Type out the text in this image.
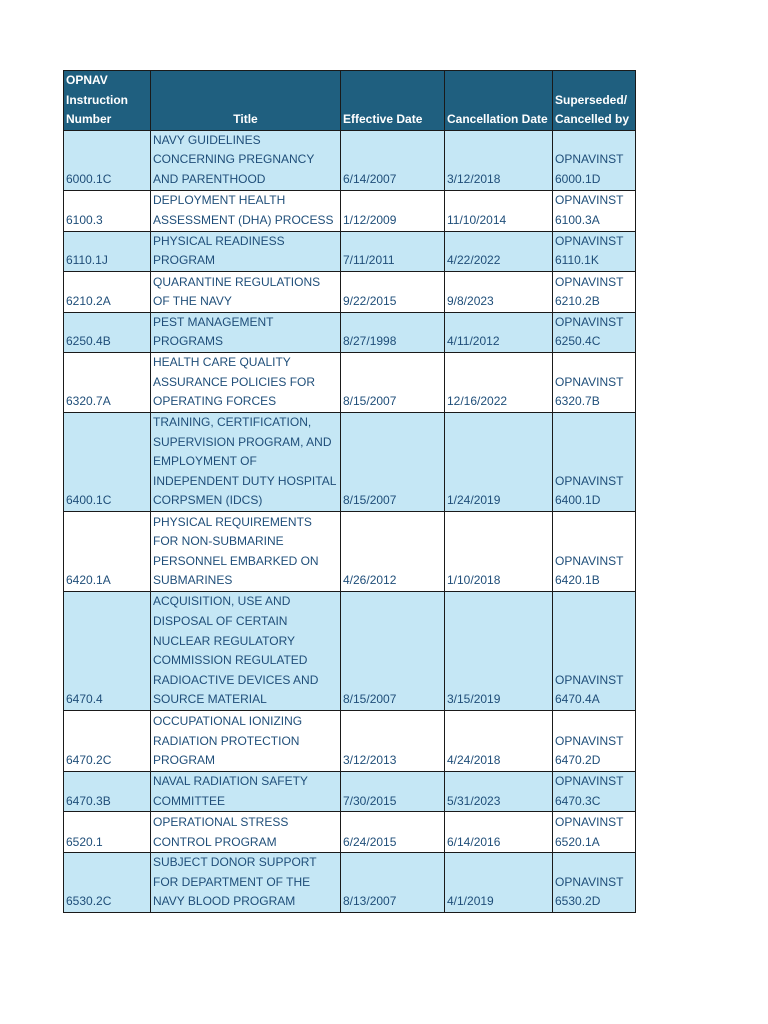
OPNAV
Instruction
Number	Title	Effective Date	Cancellation Date	Superseded/
Cancelled by

6000.1C	NAVY GUIDELINES CONCERNING PREGNANCY AND PARENTHOOD	6/14/2007	3/12/2018	OPNAVINST 6000.1D
6100.3	DEPLOYMENT HEALTH ASSESSMENT (DHA) PROCESS	1/12/2009	11/10/2014	OPNAVINST 6100.3A
6110.1J	PHYSICAL READINESS PROGRAM	7/11/2011	4/22/2022	OPNAVINST 6110.1K
6210.2A	QUARANTINE REGULATIONS OF THE NAVY	9/22/2015	9/8/2023	OPNAVINST 6210.2B
6250.4B	PEST MANAGEMENT PROGRAMS	8/27/1998	4/11/2012	OPNAVINST 6250.4C
6320.7A	HEALTH CARE QUALITY ASSURANCE POLICIES FOR OPERATING FORCES	8/15/2007	12/16/2022	OPNAVINST 6320.7B
6400.1C	TRAINING, CERTIFICATION, SUPERVISION PROGRAM, AND EMPLOYMENT OF INDEPENDENT DUTY HOSPITAL CORPSMEN (IDCS)	8/15/2007	1/24/2019	OPNAVINST 6400.1D
6420.1A	PHYSICAL REQUIREMENTS FOR NON-SUBMARINE PERSONNEL EMBARKED ON SUBMARINES	4/26/2012	1/10/2018	OPNAVINST 6420.1B
6470.4	ACQUISITION, USE AND DISPOSAL OF CERTAIN NUCLEAR REGULATORY COMMISSION REGULATED RADIOACTIVE DEVICES AND SOURCE MATERIAL	8/15/2007	3/15/2019	OPNAVINST 6470.4A
6470.2C	OCCUPATIONAL IONIZING RADIATION PROTECTION PROGRAM	3/12/2013	4/24/2018	OPNAVINST 6470.2D
6470.3B	NAVAL RADIATION SAFETY COMMITTEE	7/30/2015	5/31/2023	OPNAVINST 6470.3C
6520.1	OPERATIONAL STRESS CONTROL PROGRAM	6/24/2015	6/14/2016	OPNAVINST 6520.1A
6530.2C	SUBJECT DONOR SUPPORT FOR DEPARTMENT OF THE NAVY BLOOD PROGRAM	8/13/2007	4/1/2019	OPNAVINST 6530.2D
